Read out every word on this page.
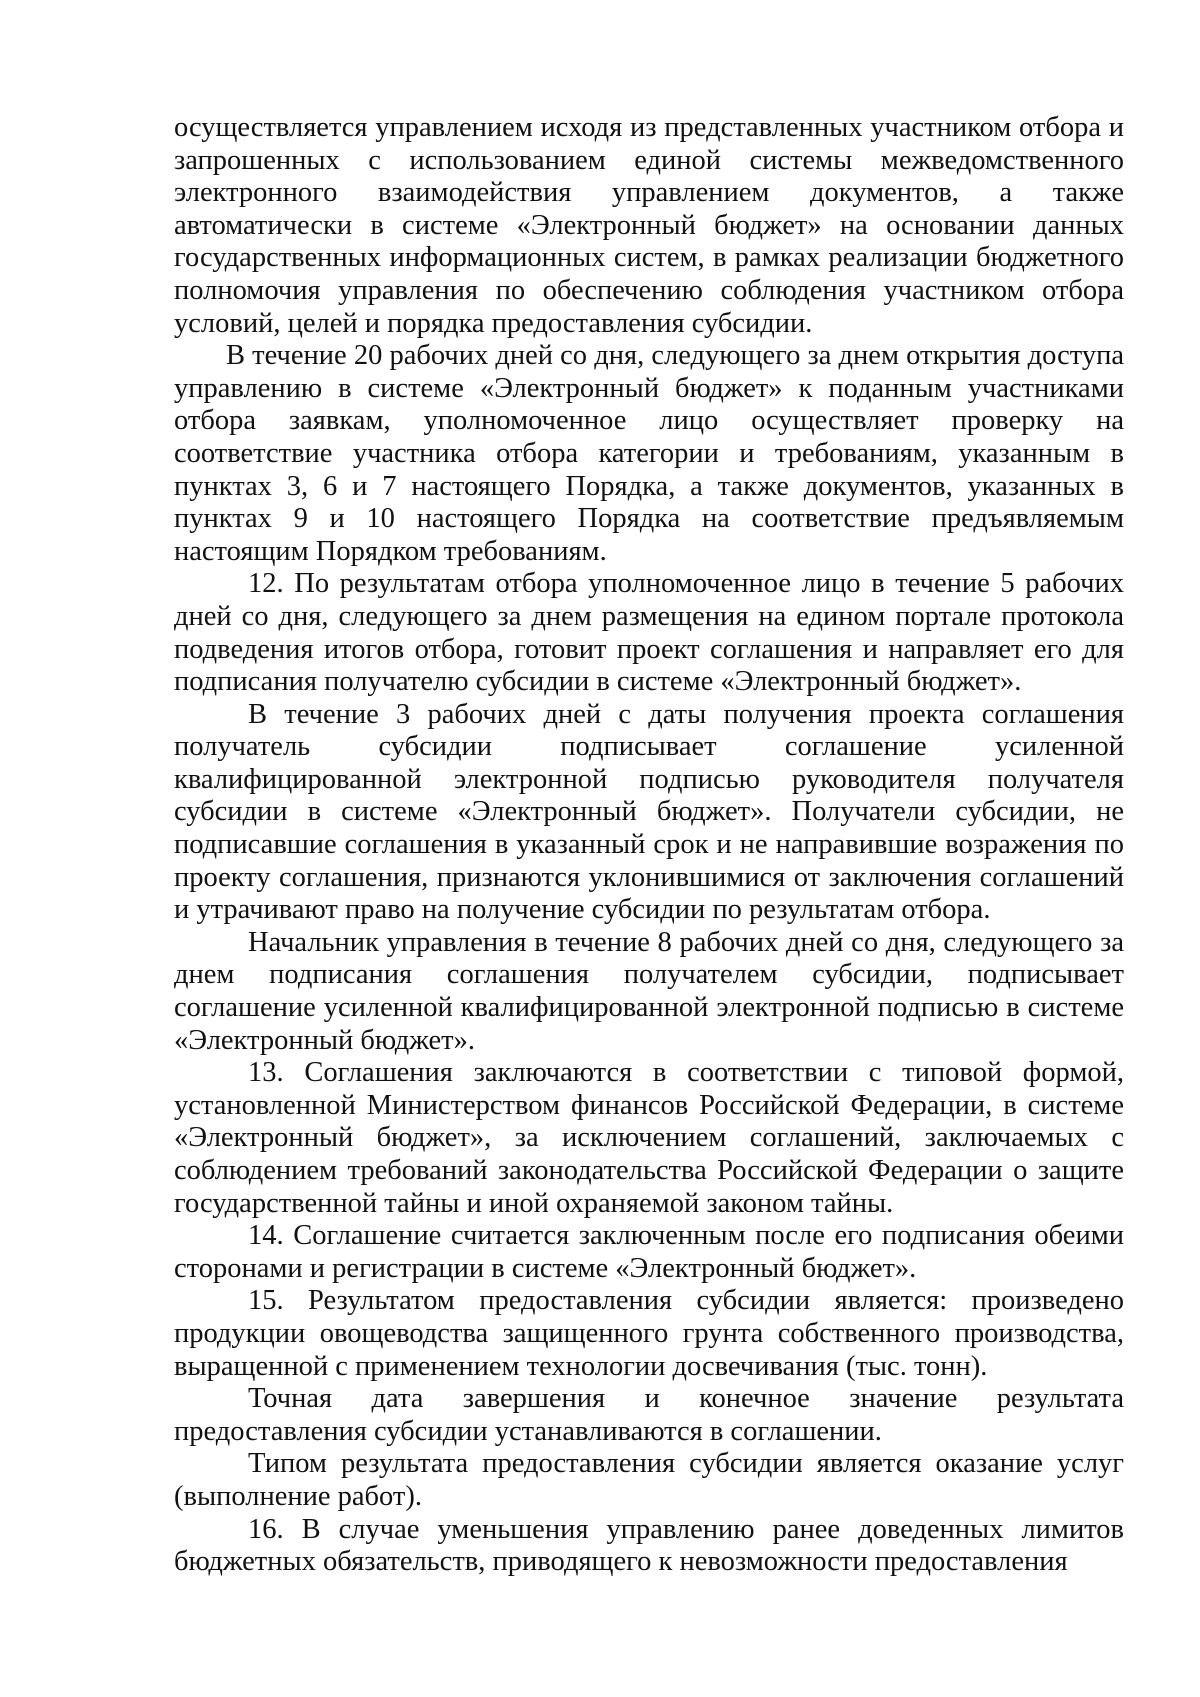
осуществляется управлением исходя из представленных участником отбора и запрошенных с использованием единой системы межведомственного электронного взаимодействия управлением документов, а также автоматически в системе «Электронный бюджет» на основании данных государственных информационных систем, в рамках реализации бюджетного полномочия управления по обеспечению соблюдения участником отбора условий, целей и порядка предоставления субсидии.

В течение 20 рабочих дней со дня, следующего за днем открытия доступа управлению в системе «Электронный бюджет» к поданным участниками отбора заявкам, уполномоченное лицо осуществляет проверку на соответствие участника отбора категории и требованиям, указанным в пунктах 3, 6 и 7 настоящего Порядка, а также документов, указанных в пунктах 9 и 10 настоящего Порядка на соответствие предъявляемым настоящим Порядком требованиям.

12. По результатам отбора уполномоченное лицо в течение 5 рабочих дней со дня, следующего за днем размещения на едином портале протокола подведения итогов отбора, готовит проект соглашения и направляет его для подписания получателю субсидии в системе «Электронный бюджет».

В течение 3 рабочих дней с даты получения проекта соглашения получатель субсидии подписывает соглашение усиленной квалифицированной электронной подписью руководителя получателя субсидии в системе «Электронный бюджет». Получатели субсидии, не подписавшие соглашения в указанный срок и не направившие возражения по проекту соглашения, признаются уклонившимися от заключения соглашений и утрачивают право на получение субсидии по результатам отбора.

Начальник управления в течение 8 рабочих дней со дня, следующего за днем подписания соглашения получателем субсидии, подписывает соглашение усиленной квалифицированной электронной подписью в системе «Электронный бюджет».

13. Соглашения заключаются в соответствии с типовой формой, установленной Министерством финансов Российской Федерации, в системе «Электронный бюджет», за исключением соглашений, заключаемых с соблюдением требований законодательства Российской Федерации о защите государственной тайны и иной охраняемой законом тайны.

14. Соглашение считается заключенным после его подписания обеими сторонами и регистрации в системе «Электронный бюджет».

15. Результатом предоставления субсидии является: произведено продукции овощеводства защищенного грунта собственного производства, выращенной с применением технологии досвечивания (тыс. тонн).

Точная дата завершения и конечное значение результата предоставления субсидии устанавливаются в соглашении.

Типом результата предоставления субсидии является оказание услуг (выполнение работ).

16. В случае уменьшения управлению ранее доведенных лимитов бюджетных обязательств, приводящего к невозможности предоставления
